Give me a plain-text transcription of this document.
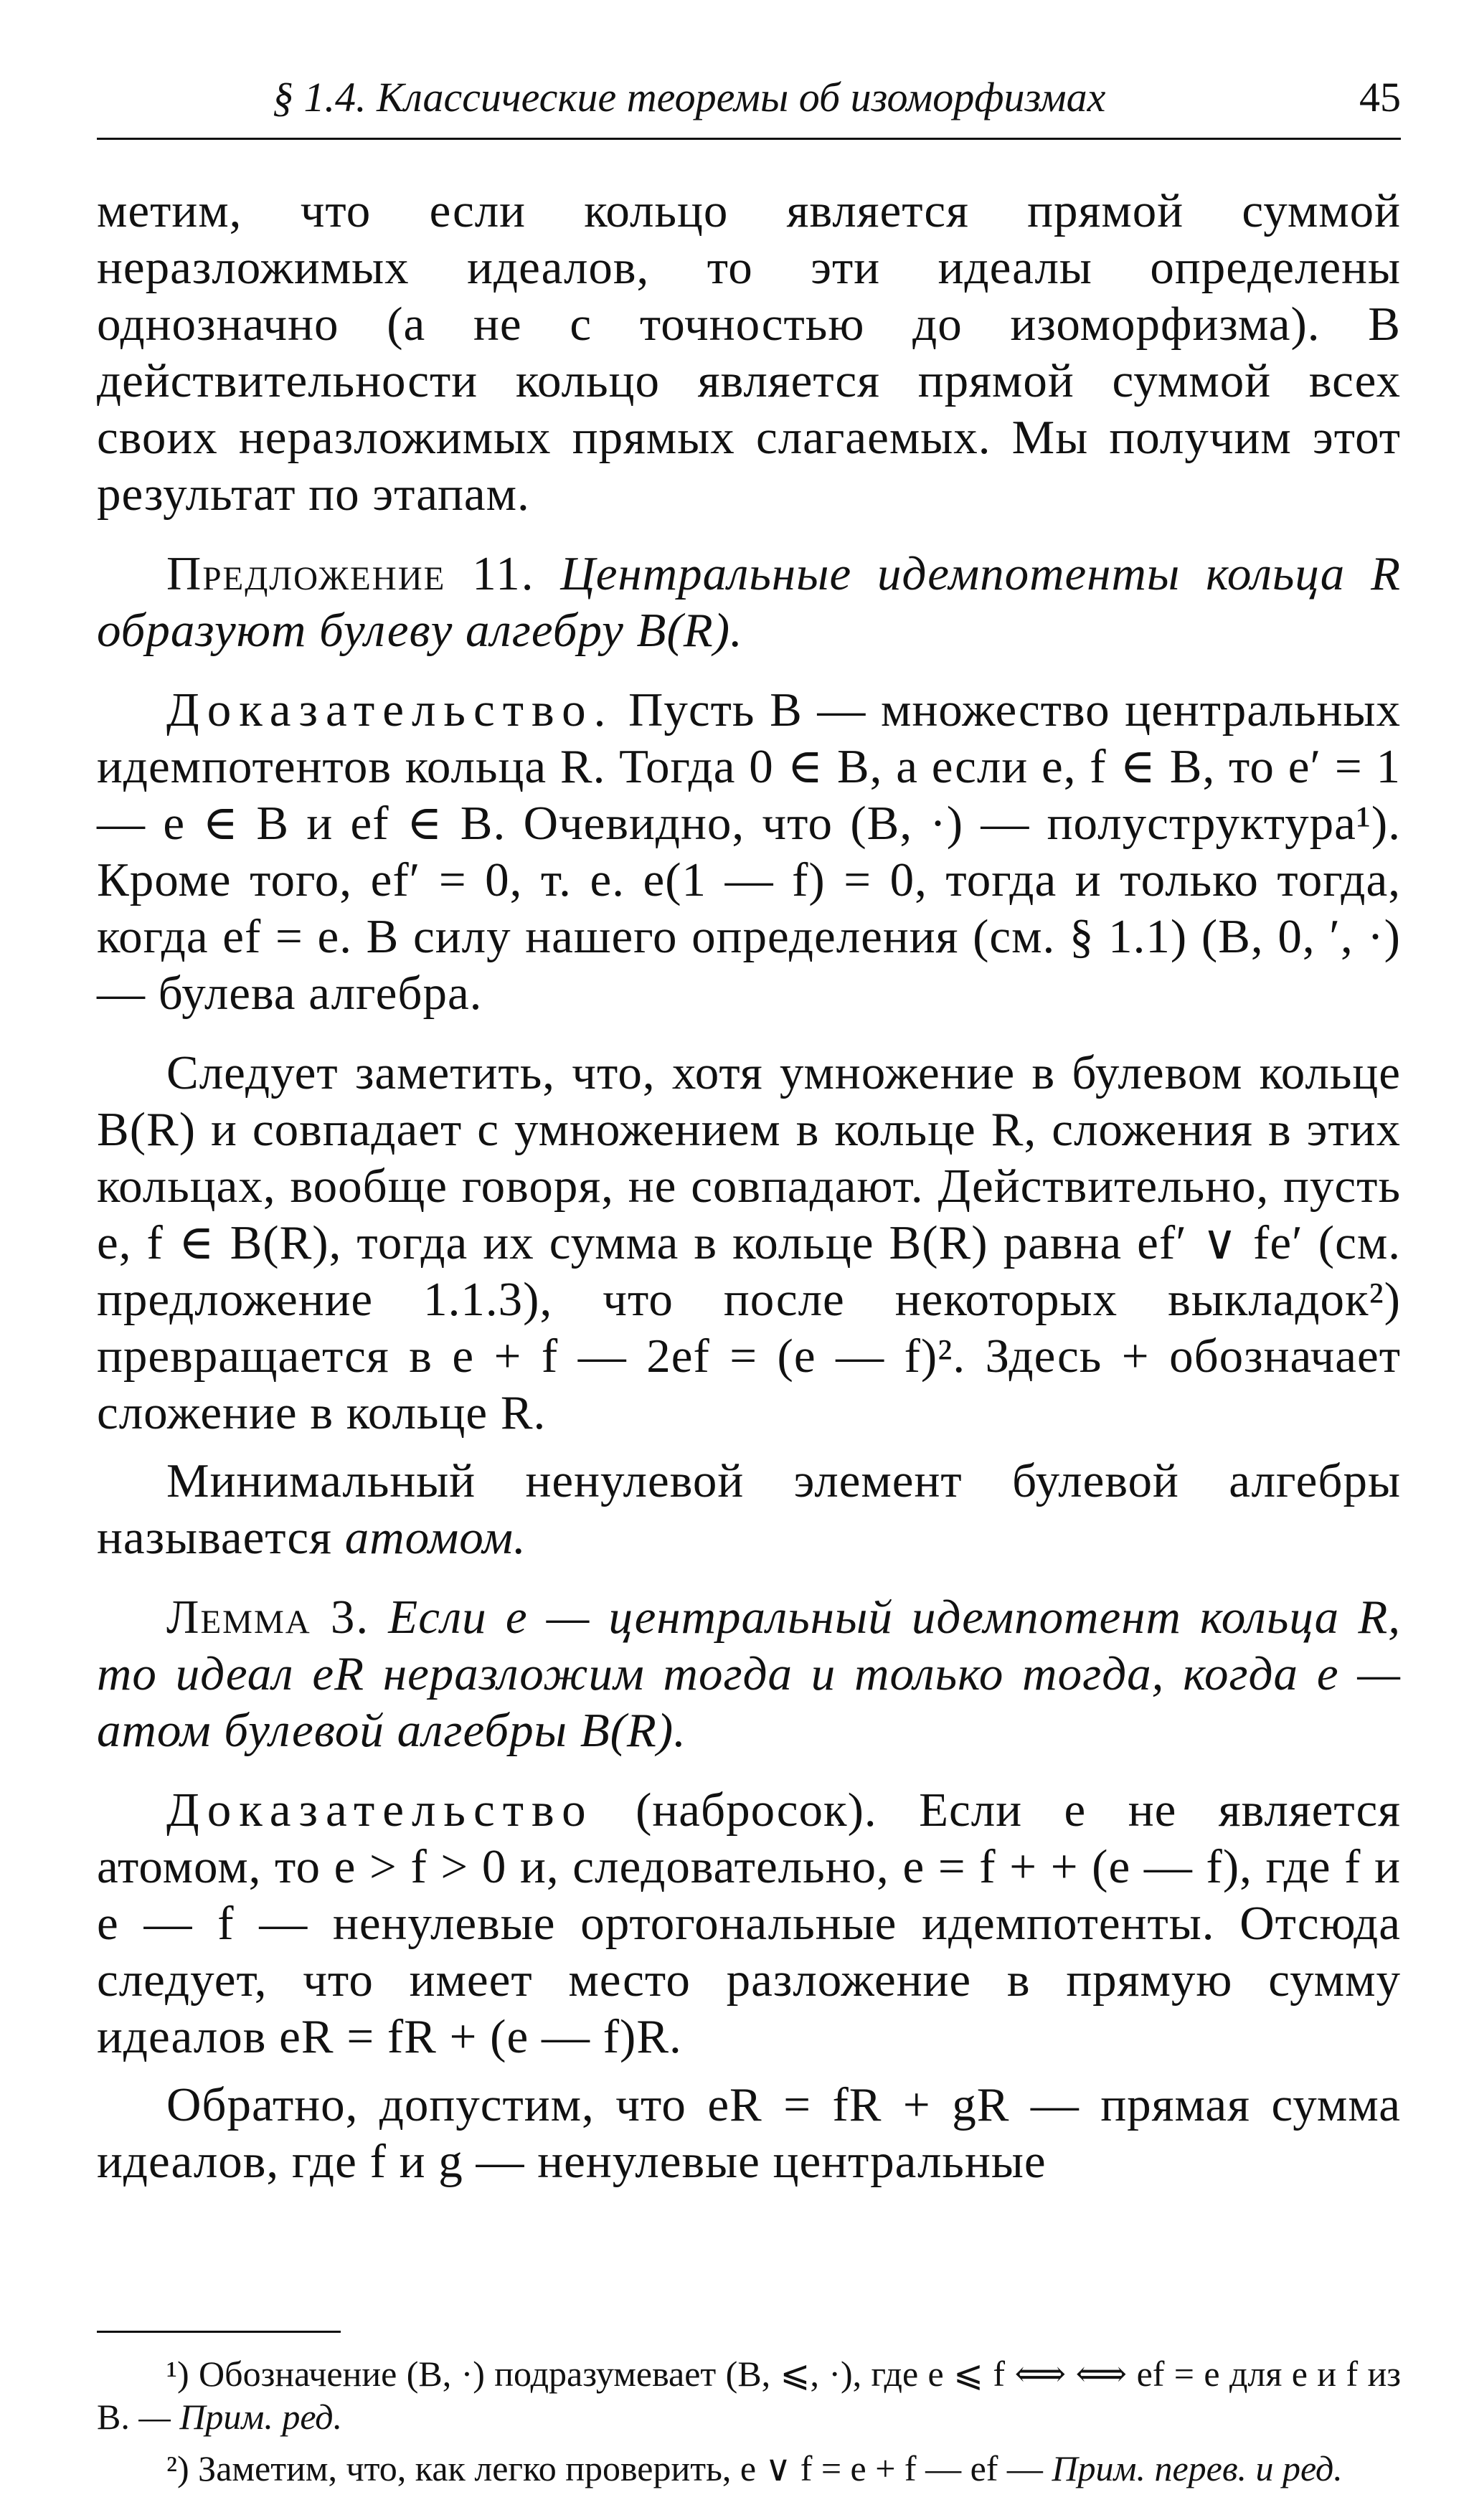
§ 1.4. Классические теоремы об изоморфизмах	45

метим, что если кольцо является прямой суммой неразложимых идеалов, то эти идеалы определены однозначно (а не с точностью до изоморфизма). В действительности кольцо является прямой суммой всех своих неразложимых прямых слагаемых. Мы получим этот результат по этапам.

Предложение 11. Центральные идемпотенты кольца R образуют булеву алгебру B(R).

Доказательство. Пусть B — множество центральных идемпотентов кольца R. Тогда 0 ∈ B, а если e, f ∈ B, то e′ = 1 — e ∈ B и ef ∈ B. Очевидно, что (B, ·) — полуструктура¹). Кроме того, ef′ = 0, т. е. e(1 — f) = 0, тогда и только тогда, когда ef = e. В силу нашего определения (см. § 1.1) (B, 0, ′, ·) — булева алгебра.

Следует заметить, что, хотя умножение в булевом кольце B(R) и совпадает с умножением в кольце R, сложения в этих кольцах, вообще говоря, не совпадают. Действительно, пусть e, f ∈ B(R), тогда их сумма в кольце B(R) равна ef′ ∨ fe′ (см. предложение 1.1.3), что после некоторых выкладок²) превращается в e + f — 2ef = (e — f)². Здесь + обозначает сложение в кольце R.

Минимальный ненулевой элемент булевой алгебры называется атомом.

Лемма 3. Если e — центральный идемпотент кольца R, то идеал eR неразложим тогда и только тогда, когда e — атом булевой алгебры B(R).

Доказательство (набросок). Если e не является атомом, то e > f > 0 и, следовательно, e = f + + (e — f), где f и e — f — ненулевые ортогональные идемпотенты. Отсюда следует, что имеет место разложение в прямую сумму идеалов eR = fR + (e — f)R.

Обратно, допустим, что eR = fR + gR — прямая сумма идеалов, где f и g — ненулевые центральные

¹) Обозначение (B, ·) подразумевает (B, ⩽, ·), где e ⩽ f ⟺ ⟺ ef = e для e и f из B. — Прим. ред.

²) Заметим, что, как легко проверить, e ∨ f = e + f — ef — Прим. перев. и ред.
